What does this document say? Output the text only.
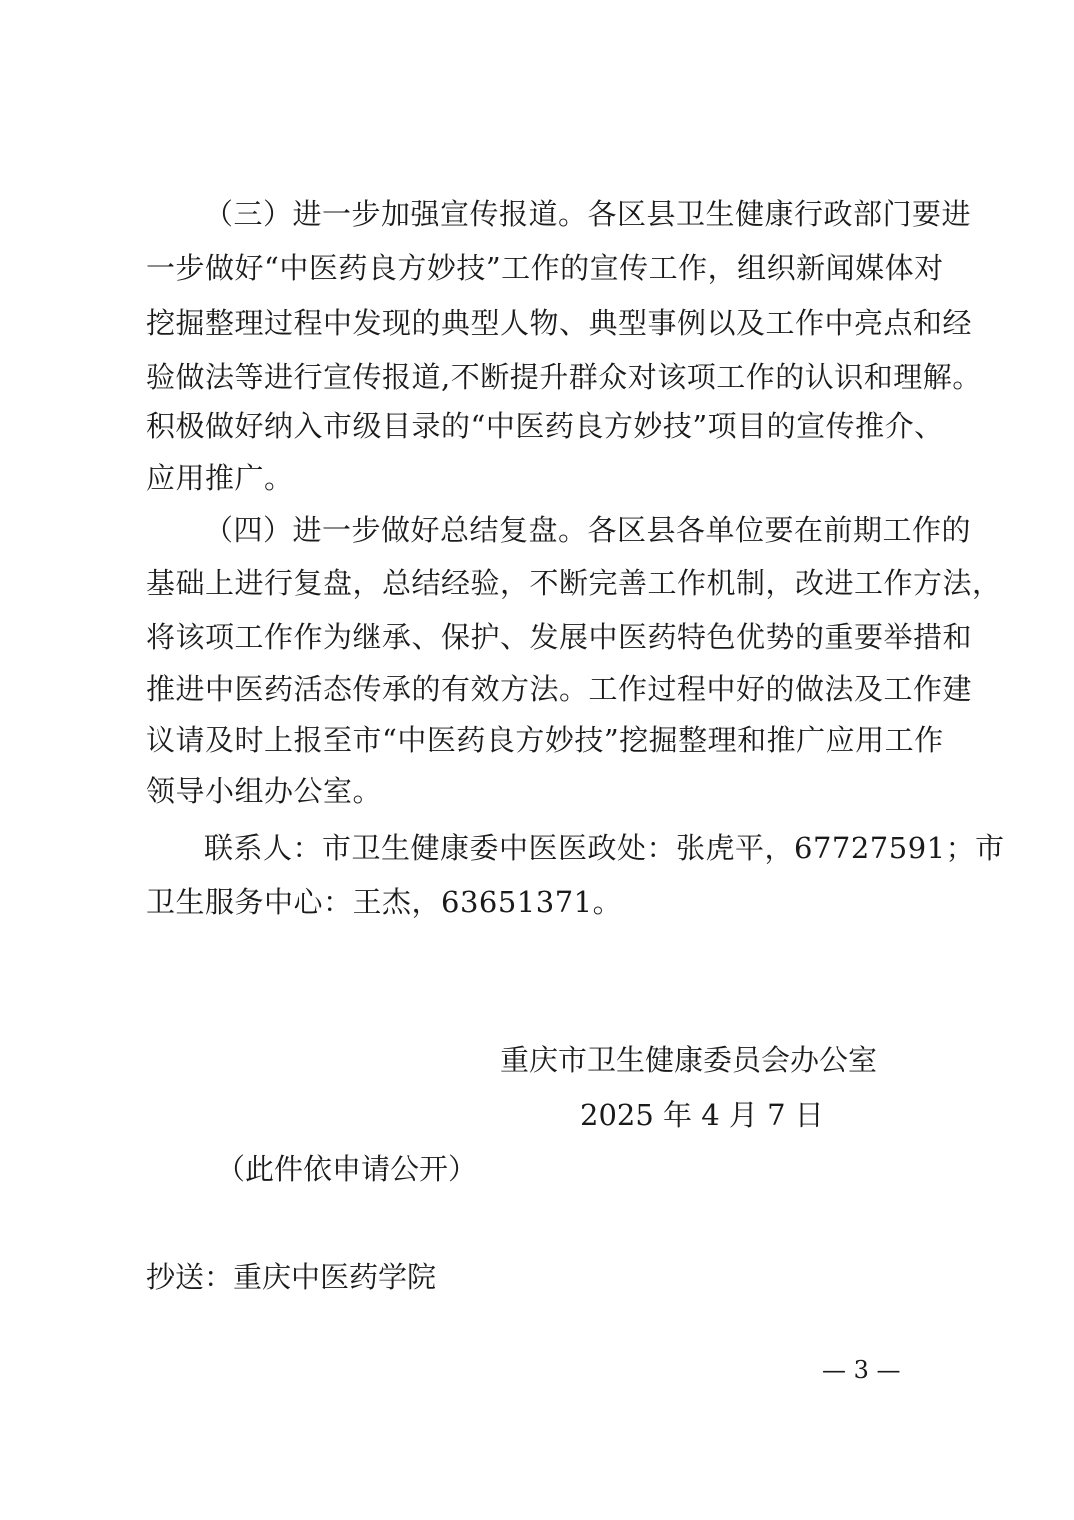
（三）进一步加强宣传报道。各区县卫生健康行政部门要进
一步做好“中医药良方妙技”工作的宣传工作，组织新闻媒体对
挖掘整理过程中发现的典型人物、典型事例以及工作中亮点和经
验做法等进行宣传报道,不断提升群众对该项工作的认识和理解。
积极做好纳入市级目录的“中医药良方妙技”项目的宣传推介、
应用推广。
（四）进一步做好总结复盘。各区县各单位要在前期工作的
基础上进行复盘，总结经验，不断完善工作机制，改进工作方法，
将该项工作作为继承、保护、发展中医药特色优势的重要举措和
推进中医药活态传承的有效方法。工作过程中好的做法及工作建
议请及时上报至市“中医药良方妙技”挖掘整理和推广应用工作
领导小组办公室。
联系人：市卫生健康委中医医政处：张虎平，67727591；市
卫生服务中心：王杰，63651371。
重庆市卫生健康委员会办公室
2025 年 4 月 7 日
（此件依申请公开）
抄送：重庆中医药学院
— 3 —
